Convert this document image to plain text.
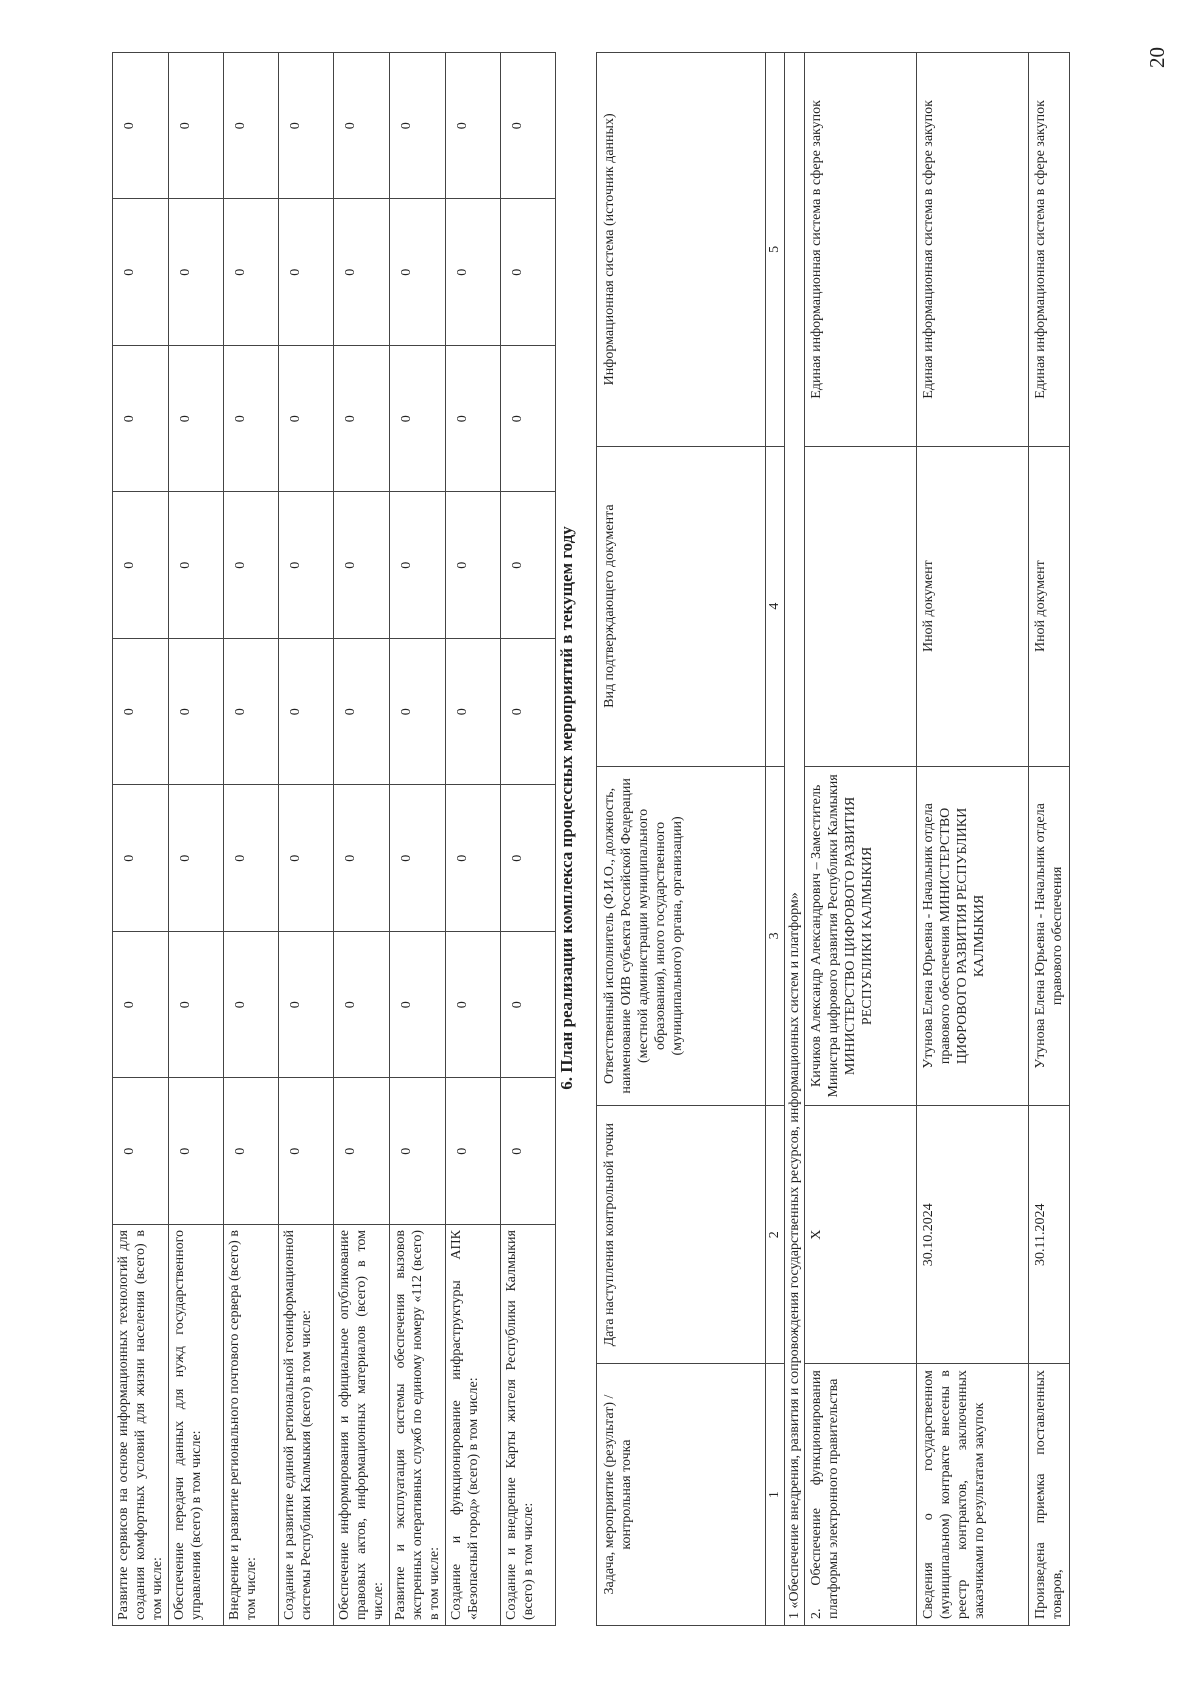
Развитие сервисов на основе информационных технологий для создания комфортных условий для жизни населения (всего) в том числе:	0	0	0	0	0	0	0	0
Обеспечение передачи данных для нужд государственного управления (всего) в том числе:	0	0	0	0	0	0	0	0
Внедрение и развитие регионального почтового сервера (всего) в том числе:	0	0	0	0	0	0	0	0
Создание и развитие единой региональной геоинформационной системы Республики Калмыкия (всего) в том числе:	0	0	0	0	0	0	0	0
Обеспечение информирования и официальное опубликование правовых актов, информационных материалов (всего) в том числе:	0	0	0	0	0	0	0	0
Развитие и эксплуатация системы обеспечения вызовов экстренных оперативных служб по единому номеру «112 (всего) в том числе:	0	0	0	0	0	0	0	0
Создание и функционирование инфраструктуры АПК «Безопасный город» (всего) в том числе:	0	0	0	0	0	0	0	0
Создание и внедрение Карты жителя Республики Калмыкия (всего) в том числе:	0	0	0	0	0	0	0	0
6. План реализации комплекса процессных мероприятий в текущем году
Задача, мероприятие (результат) / контрольная точка	Дата наступления контрольной точки	Ответственный исполнитель (Ф.И.О., должность, наименование ОИВ субъекта Российской Федерации (местной администрации муниципального образования), иного государственного (муниципального) органа, организации)	Вид подтверждающего документа	Информационная система (источник данных)
1	2	3	4	5
1 «Обеспечение внедрения, развития и сопровождения государственных ресурсов, информационных систем и платформ»				
2. Обеспечение функционирования платформы электронного правительства	Х	Кичиков Александр Александрович – Заместитель Министра цифрового развития Республики Калмыкия МИНИСТЕРСТВО ЦИФРОВОГО РАЗВИТИЯ РЕСПУБЛИКИ КАЛМЫКИЯ		Единая информационная система в сфере закупок
Сведения о государственном (муниципальном) контракте внесены в реестр контрактов, заключенных заказчиками по результатам закупок	30.10.2024	Утунова Елена Юрьевна - Начальник отдела правового обеспечения МИНИСТЕРСТВО ЦИФРОВОГО РАЗВИТИЯ РЕСПУБЛИКИ КАЛМЫКИЯ	Иной документ	Единая информационная система в сфере закупок
Произведена приемка поставленных товаров,	30.11.2024	Утунова Елена Юрьевна - Начальник отдела правового обеспечения	Иной документ	Единая информационная система в сфере закупок
20
